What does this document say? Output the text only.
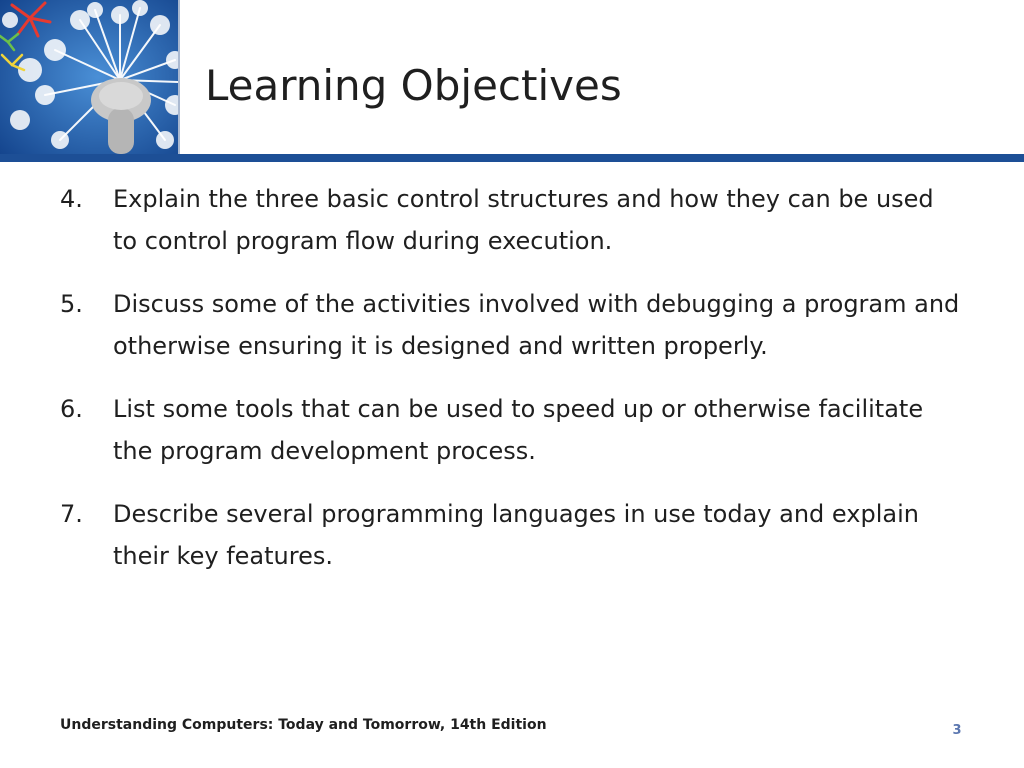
Learning Objectives
4.	Explain the three basic control structures and how they can be used to control program flow during execution.
5.	Discuss some of the activities involved with debugging a program and otherwise ensuring it is designed and written properly.
6.	List some tools that can be used to speed up or otherwise facilitate the program development process.
7.	Describe several programming languages in use today and explain their key features.
Understanding Computers: Today and Tomorrow, 14th Edition	3
